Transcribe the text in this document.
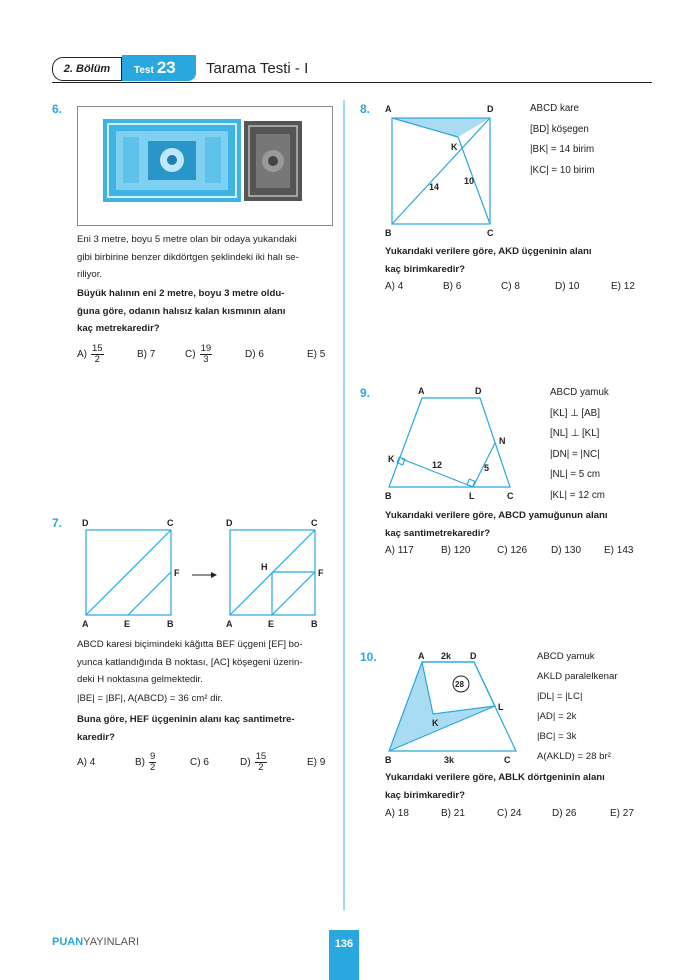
2. Bölüm	Test 23	Tarama Testi - I
6.
Eni 3 metre, boyu 5 metre olan bir odaya yukarıdaki
gibi birbirine benzer dikdörtgen şeklindeki iki halı se-
riliyor.
Büyük halının eni 2 metre, boyu 3 metre oldu-
ğuna göre, odanın halısız kalan kısmının alanı
kaç metrekaredir?
$A) \frac{15}{2}$	B) 7	$C) \frac{19}{3}$	D) 6	E) 5
7. D	C
A	E	B
F
D	C
A	E	B
F
H
ABCD karesi biçimindeki kâğıtta BEF üçgeni [EF] bo-
yunca katlandığında B noktası, [AC] köşegeni üzerin-
deki H noktasına gelmektedir.
|BE| = |BF|, A(ABCD) = 36 cm² dir.
Buna göre, HEF üçgeninin alanı kaç santimetre-
karedir?
A) 4	$B) \frac{9}{2}$	C) 6	$D) \frac{15}{2}$	E) 9
8. A	D
B	C
K
14
10
ABCD kare
[BD] köşegen
|BK| = 14 birim
|KC| = 10 birim
Yukarıdaki verilere göre, AKD üçgeninin alanı
kaç birimkaredir?
A) 4	B) 6	C) 8	D) 10	E) 12
9.	A	D
B	L	C
K
N
12	5
ABCD yamuk
[KL] ⊥ [AB]
[NL] ⊥ [KL]
|DN| = |NC|
|NL| = 5 cm
|KL| = 12 cm
Yukarıdaki verilere göre, ABCD yamuğunun alanı
kaç santimetrekaredir?
A) 117	B) 120	C) 126	D) 130	E) 143
10.	A 2k D
B	3k	C
K
L
28
ABCD yamuk
AKLD paralelkenar
|DL| = |LC|
|AD| = 2k
|BC| = 3k
A(AKLD) = 28 br²
Yukarıdaki verilere göre, ABLK dörtgeninin alanı
kaç birimkaredir?
A) 18	B) 21	C) 24	D) 26	E) 27
PUANYAYINLARI	136
